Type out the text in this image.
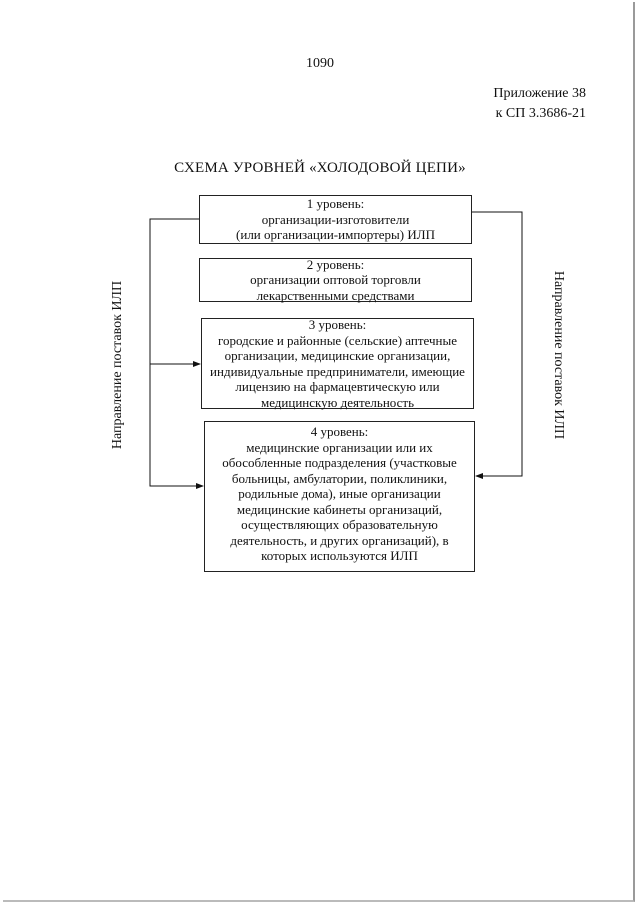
1090
Приложение 38
к СП 3.3686-21
СХЕМА УРОВНЕЙ «ХОЛОДОВОЙ ЦЕПИ»
1 уровень:
организации-изготовители
(или организации-импортеры) ИЛП
2 уровень:
организации оптовой торговли
лекарственными средствами
3 уровень:
городские и районные (сельские) аптечные
организации, медицинские организации,
индивидуальные предприниматели, имеющие
лицензию на фармацевтическую или
медицинскую деятельность
4 уровень:
медицинские организации или их
обособленные подразделения (участковые
больницы, амбулатории, поликлиники,
родильные дома), иные организации
медицинские кабинеты организаций,
осуществляющих образовательную
деятельность, и других организаций), в
которых используются ИЛП
Направление поставок ИЛП	Направление поставок ИЛП
